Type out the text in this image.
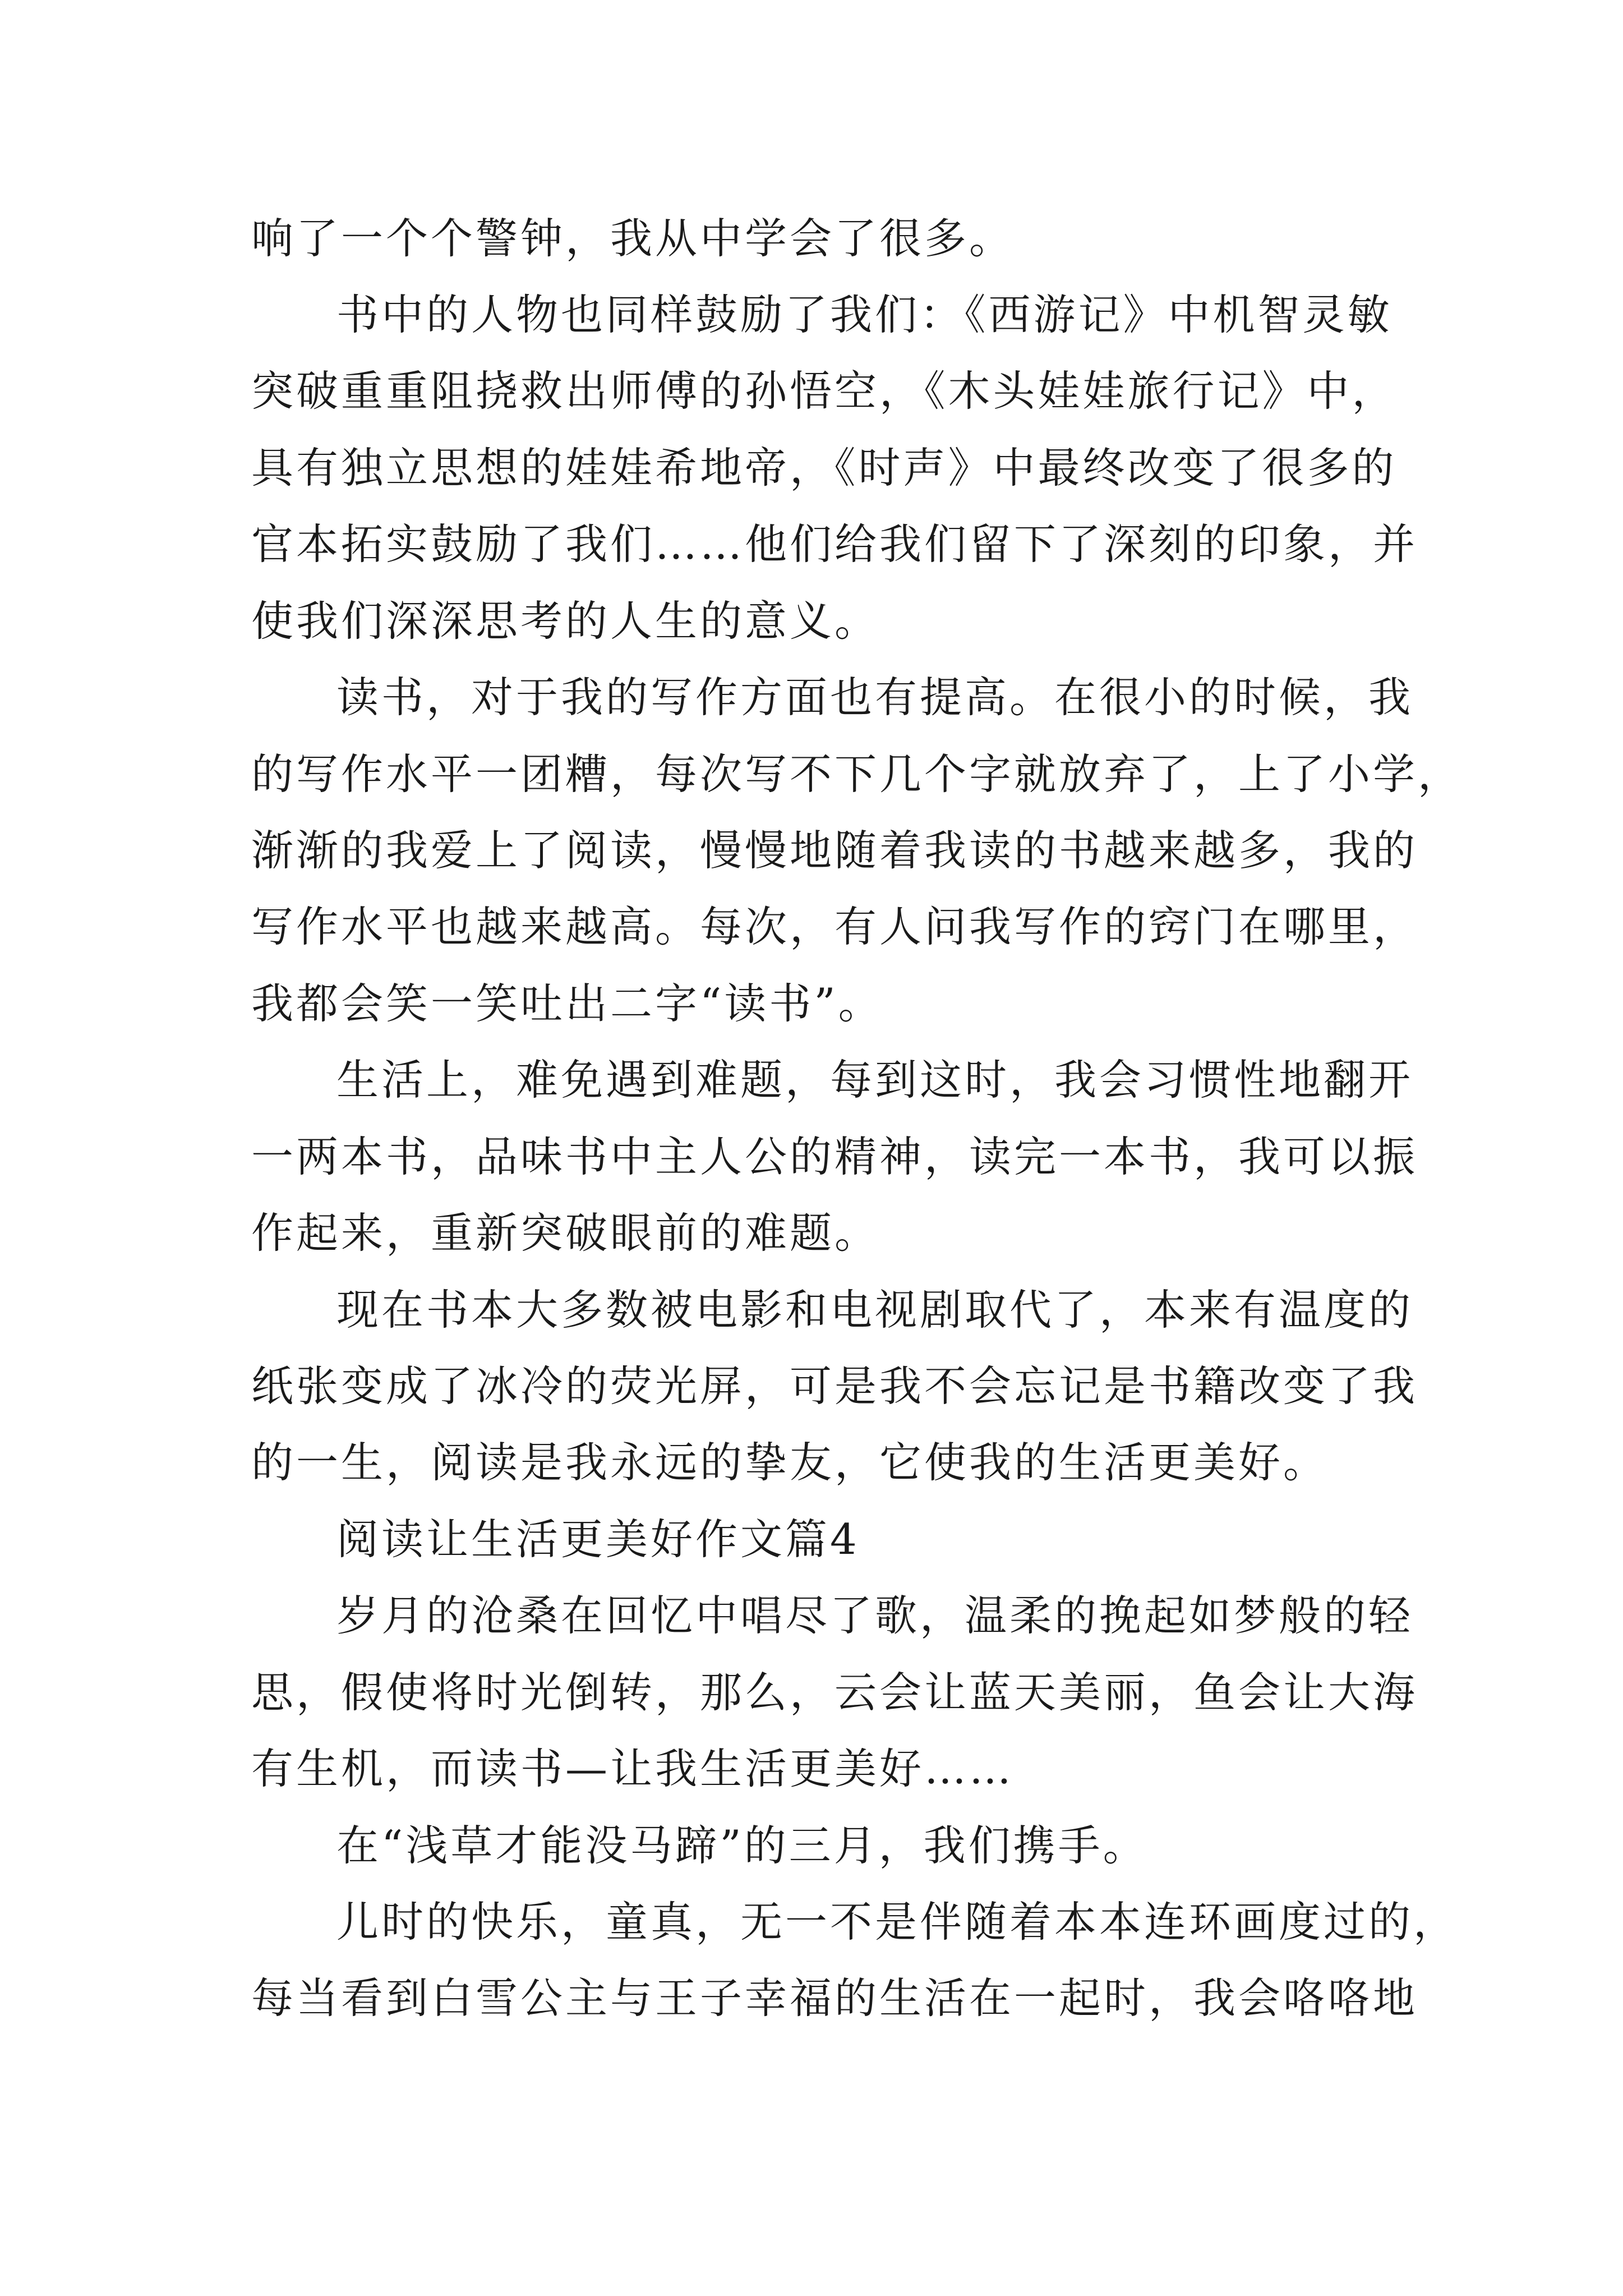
响了一个个警钟，我从中学会了很多。

书中的人物也同样鼓励了我们：《西游记》中机智灵敏

突破重重阻挠救出师傅的孙悟空，《木头娃娃旅行记》中，

具有独立思想的娃娃希地帝，《时声》中最终改变了很多的

官本拓实鼓励了我们……他们给我们留下了深刻的印象，并

使我们深深思考的人生的意义。

读书，对于我的写作方面也有提高。在很小的时候，我

的写作水平一团糟，每次写不下几个字就放弃了，上了小学，

渐渐的我爱上了阅读，慢慢地随着我读的书越来越多，我的

写作水平也越来越高。每次，有人问我写作的窍门在哪里，

我都会笑一笑吐出二字“读书”。

生活上，难免遇到难题，每到这时，我会习惯性地翻开

一两本书，品味书中主人公的精神，读完一本书，我可以振

作起来，重新突破眼前的难题。

现在书本大多数被电影和电视剧取代了，本来有温度的

纸张变成了冰冷的荧光屏，可是我不会忘记是书籍改变了我

的一生，阅读是我永远的挚友，它使我的生活更美好。

阅读让生活更美好作文篇4

岁月的沧桑在回忆中唱尽了歌，温柔的挽起如梦般的轻

思，假使将时光倒转，那么，云会让蓝天美丽，鱼会让大海

有生机，而读书—让我生活更美好……

在“浅草才能没马蹄”的三月，我们携手。

儿时的快乐，童真，无一不是伴随着本本连环画度过的，

每当看到白雪公主与王子幸福的生活在一起时，我会咯咯地
